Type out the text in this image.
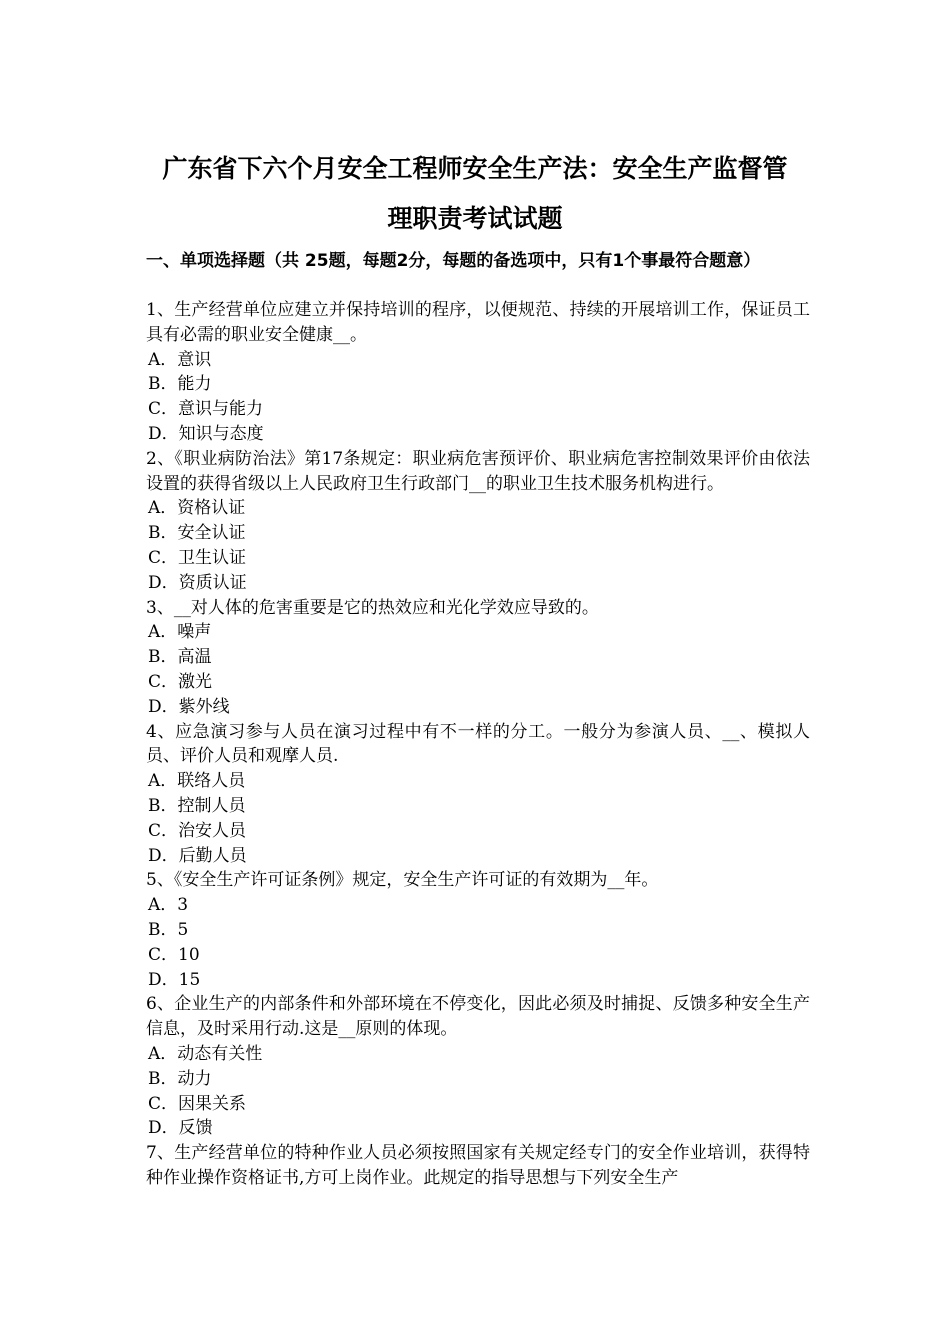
广东省下六个月安全工程师安全生产法：安全生产监督管
理职责考试试题
一、单项选择题（共 25题，每题2分，每题的备选项中，只有1个事最符合题意）
1、生产经营单位应建立并保持培训的程序，以便规范、持续的开展培训工作，保证员工具有必需的职业安全健康__。
A．意识
B．能力
C．意识与能力
D．知识与态度
2、《职业病防治法》第17条规定：职业病危害预评价、职业病危害控制效果评价由依法设置的获得省级以上人民政府卫生行政部门__的职业卫生技术服务机构进行。
A．资格认证
B．安全认证
C．卫生认证
D．资质认证
3、__对人体的危害重要是它的热效应和光化学效应导致的。
A．噪声
B．高温
C．激光
D．紫外线
4、应急演习参与人员在演习过程中有不一样的分工。一般分为参演人员、__、模拟人员、评价人员和观摩人员.
A．联络人员
B．控制人员
C．治安人员
D．后勤人员
5、《安全生产许可证条例》规定，安全生产许可证的有效期为__年。
A．3
B．5
C．10
D．15
6、企业生产的内部条件和外部环境在不停变化，因此必须及时捕捉、反馈多种安全生产信息，及时采用行动.这是__原则的体现。
A．动态有关性
B．动力
C．因果关系
D．反馈
7、生产经营单位的特种作业人员必须按照国家有关规定经专门的安全作业培训，获得特种作业操作资格证书,方可上岗作业。此规定的指导思想与下列安全生产
